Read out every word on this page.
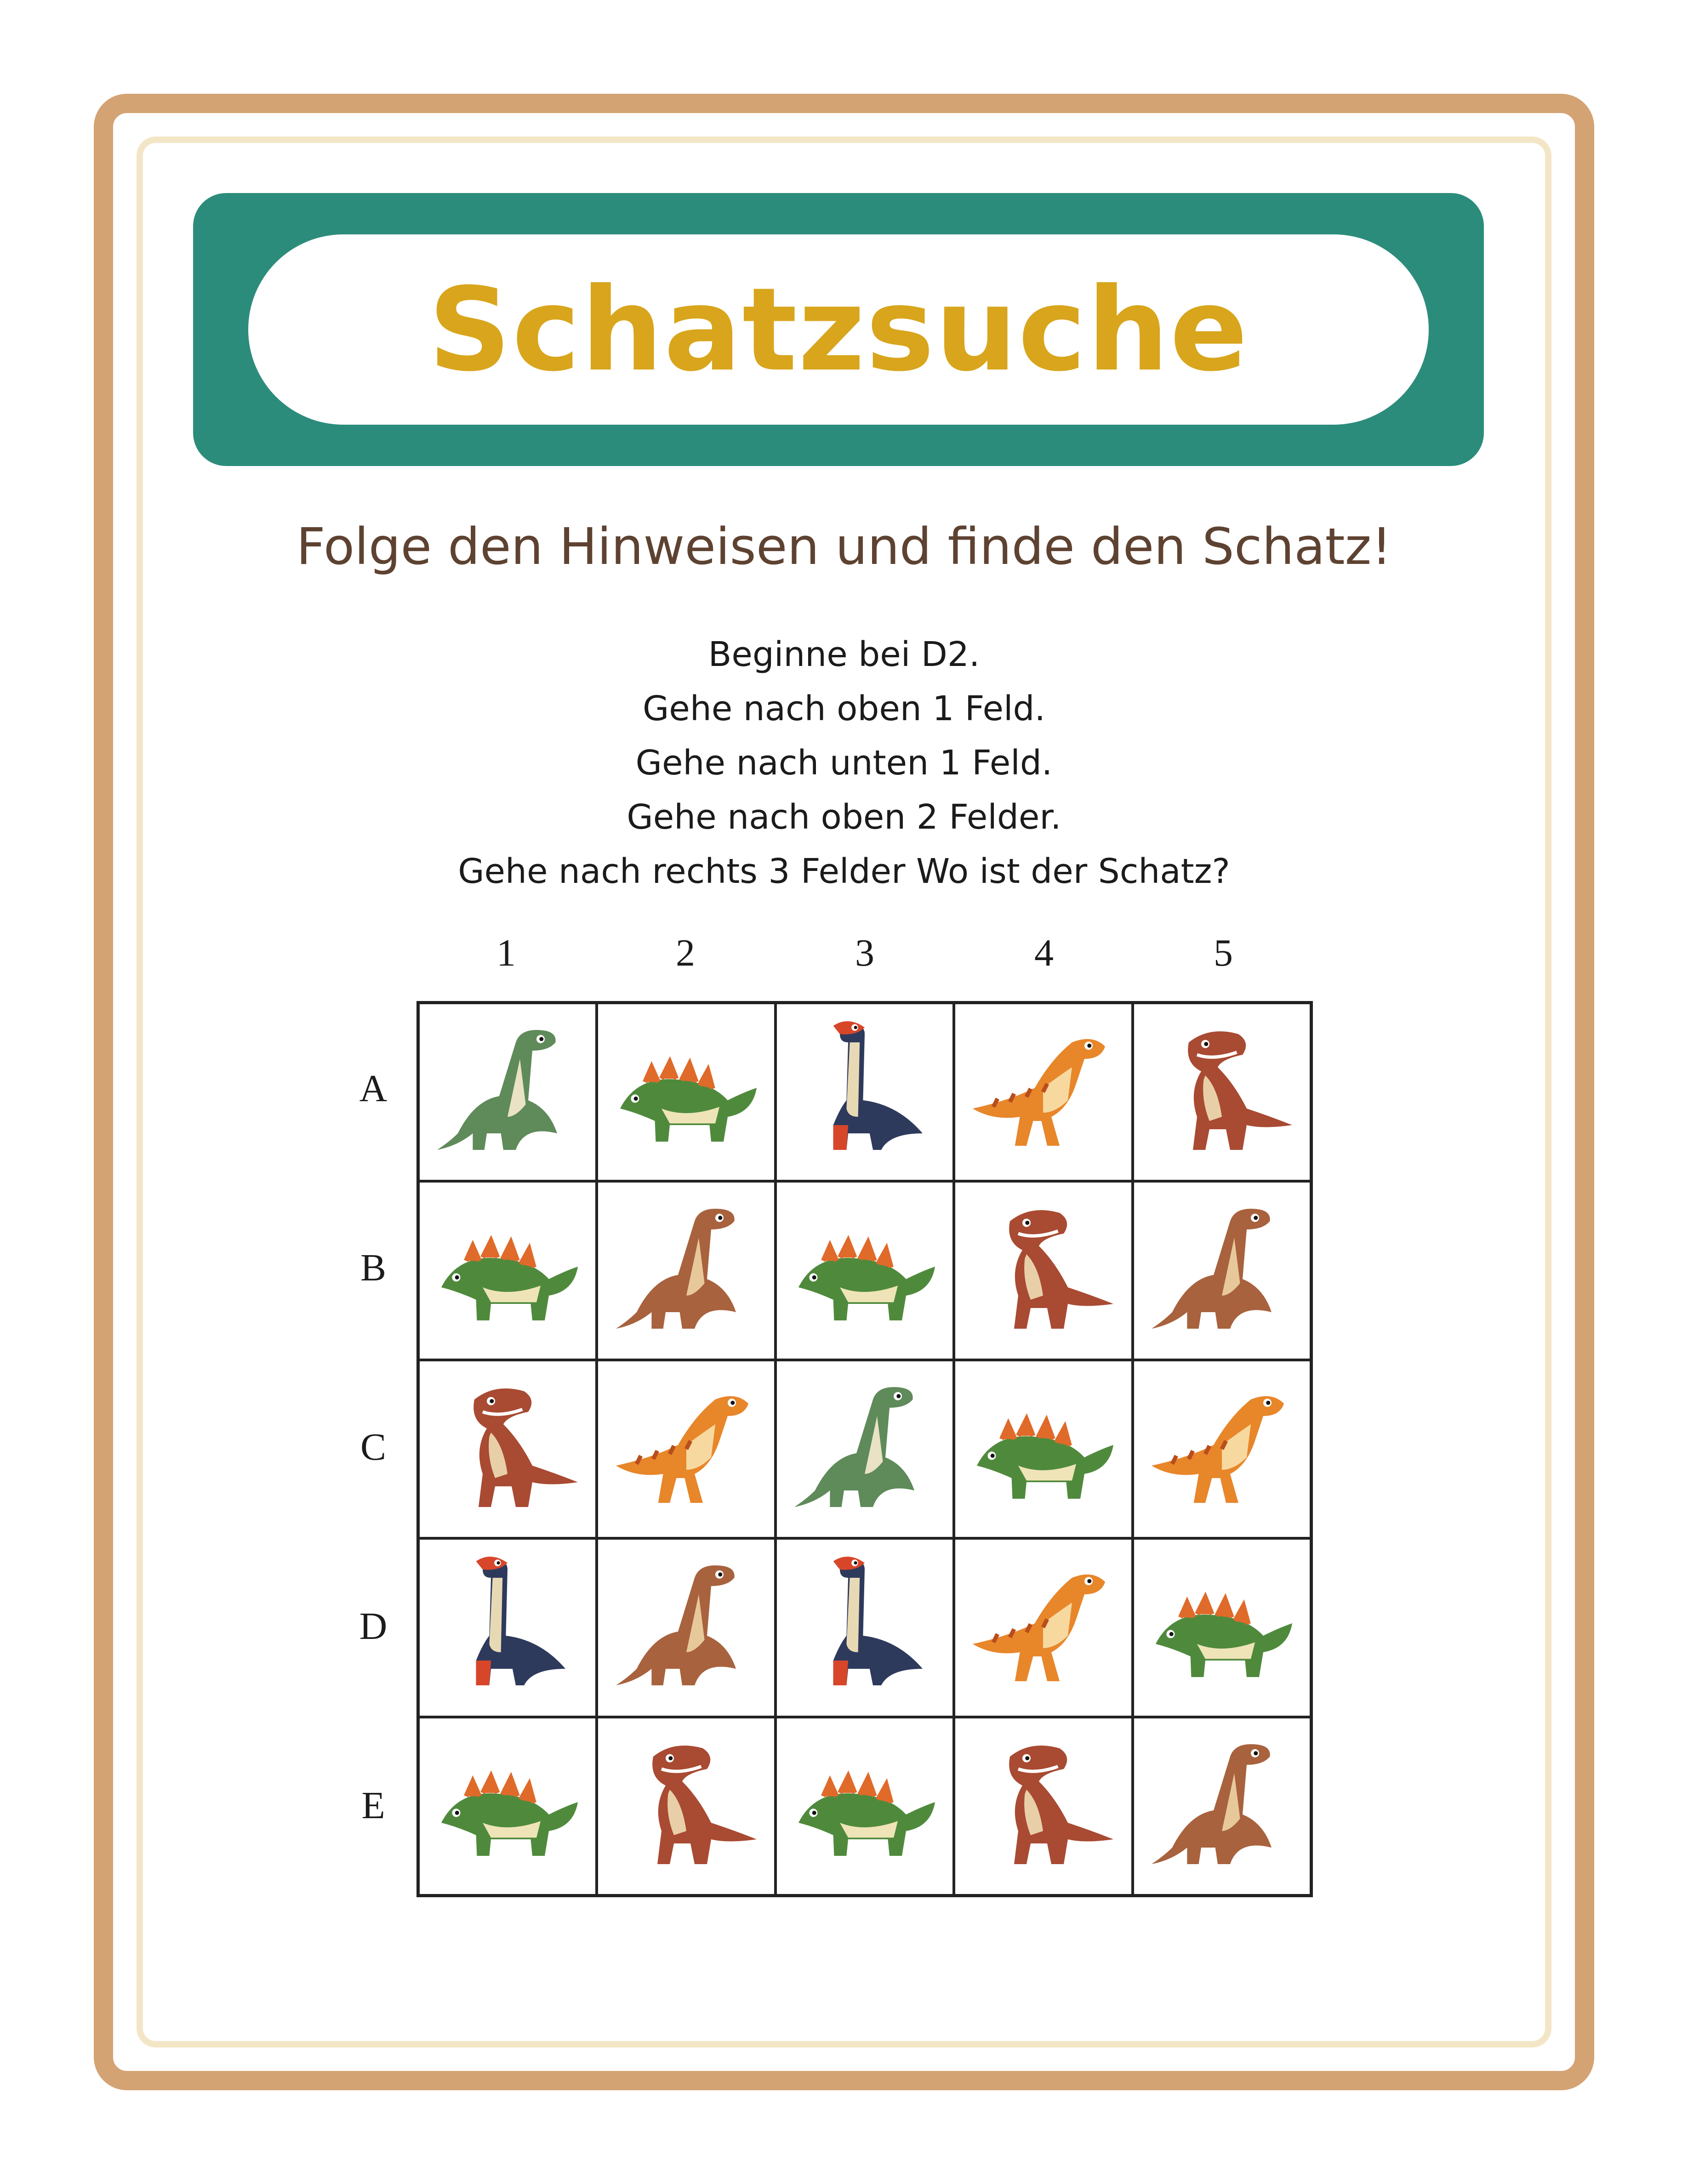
Schatzsuche
Folge den Hinweisen und finde den Schatz!
Beginne bei D2.
Gehe nach oben 1 Feld.
Gehe nach unten 1 Feld.
Gehe nach oben 2 Felder.
Gehe nach rechts 3 Felder Wo ist der Schatz?
1	2	3	4	5
A
B
C
D
E
